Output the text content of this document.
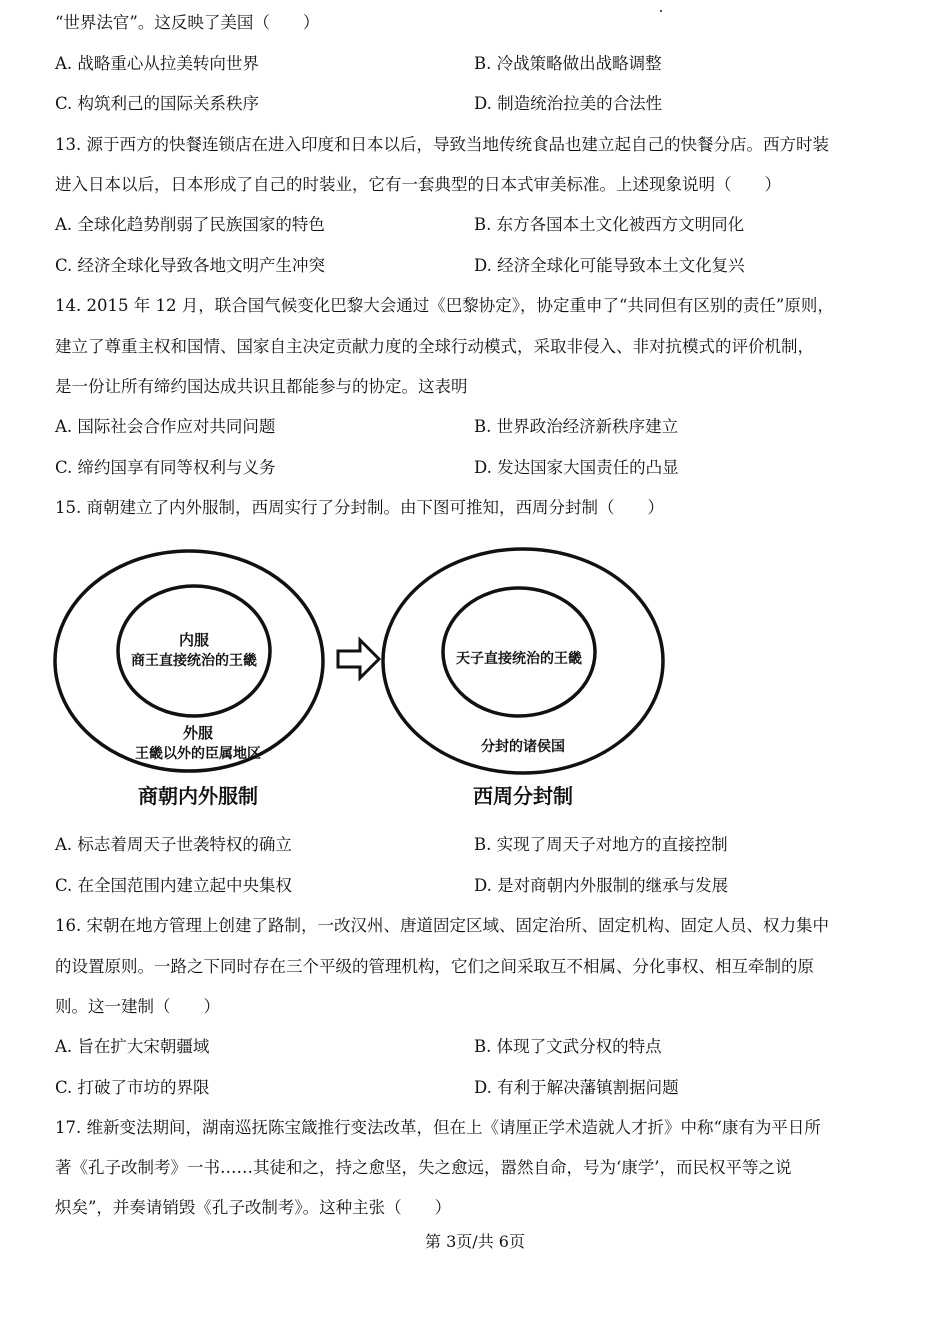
“世界法官”。这反映了美国（　　）
A. 战略重心从拉美转向世界	B. 冷战策略做出战略调整
C. 构筑利己的国际关系秩序	D. 制造统治拉美的合法性
13. 源于西方的快餐连锁店在进入印度和日本以后，导致当地传统食品也建立起自己的快餐分店。西方时装
进入日本以后，日本形成了自己的时装业，它有一套典型的日本式审美标准。上述现象说明（　　）
A. 全球化趋势削弱了民族国家的特色	B. 东方各国本土文化被西方文明同化
C. 经济全球化导致各地文明产生冲突	D. 经济全球化可能导致本土文化复兴
14. 2015 年 12 月，联合国气候变化巴黎大会通过《巴黎协定》，协定重申了“共同但有区别的责任”原则，
建立了尊重主权和国情、国家自主决定贡献力度的全球行动模式，采取非侵入、非对抗模式的评价机制，
是一份让所有缔约国达成共识且都能参与的协定。这表明
A. 国际社会合作应对共同问题	B. 世界政治经济新秩序建立
C. 缔约国享有同等权利与义务	D. 发达国家大国责任的凸显
15. 商朝建立了内外服制，西周实行了分封制。由下图可推知，西周分封制（　　）
内服
商王直接统治的王畿
外服
王畿以外的臣属地区
商朝内外服制
天子直接统治的王畿
分封的诸侯国
西周分封制
A. 标志着周天子世袭特权的确立	B. 实现了周天子对地方的直接控制
C. 在全国范围内建立起中央集权	D. 是对商朝内外服制的继承与发展
16. 宋朝在地方管理上创建了路制，一改汉州、唐道固定区域、固定治所、固定机构、固定人员、权力集中
的设置原则。一路之下同时存在三个平级的管理机构，它们之间采取互不相属、分化事权、相互牵制的原
则。这一建制（　　）
A. 旨在扩大宋朝疆域	B. 体现了文武分权的特点
C. 打破了市坊的界限	D. 有利于解决藩镇割据问题
17. 维新变法期间，湖南巡抚陈宝箴推行变法改革，但在上《请厘正学术造就人才折》中称“康有为平日所
著《孔子改制考》一书……其徒和之，持之愈坚，失之愈远，嚣然自命，号为‘康学’，而民权平等之说
炽矣”，并奏请销毁《孔子改制考》。这种主张（　　）
第 3页/共 6页
